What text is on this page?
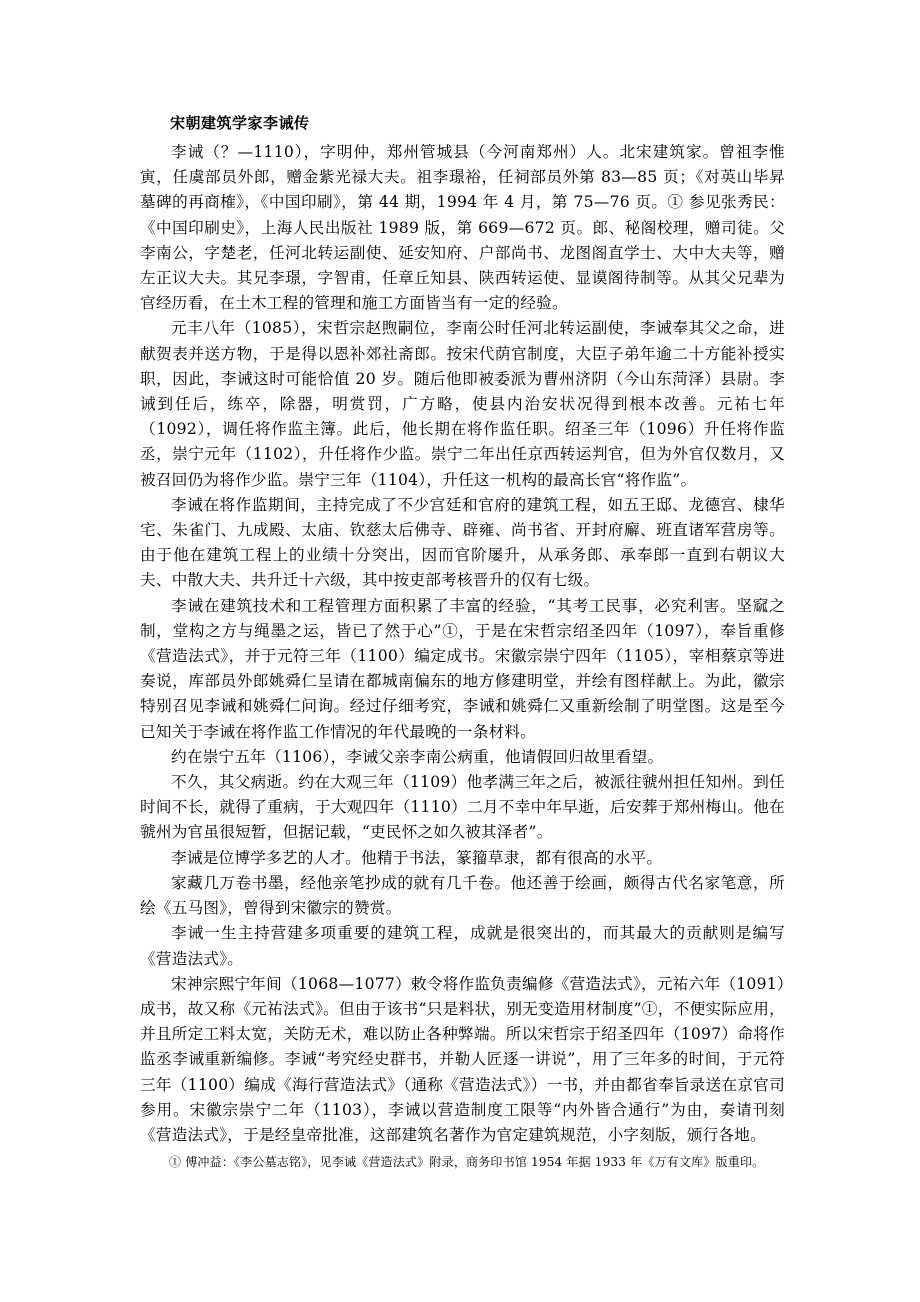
宋朝建筑学家李诫传

李诫（？—1110），字明仲，郑州管城县（今河南郑州）人。北宋建筑家。曾祖李惟寅，任虞部员外郎，赠金紫光禄大夫。祖李璟裕，任祠部员外第 83—85 页；《对英山毕昇墓碑的再商榷》，《中国印刷》，第 44 期，1994 年 4 月，第 75—76 页。① 参见张秀民：《中国印刷史》，上海人民出版社 1989 版，第 669—672 页。郎、秘阁校理，赠司徒。父李南公，字楚老，任河北转运副使、延安知府、户部尚书、龙图阁直学士、大中大夫等，赠左正议大夫。其兄李璟，字智甫，任章丘知县、陕西转运使、显谟阁待制等。从其父兄辈为官经历看，在土木工程的管理和施工方面皆当有一定的经验。

元丰八年（1085），宋哲宗赵煦嗣位，李南公时任河北转运副使，李诫奉其父之命，进献贺表并送方物，于是得以恩补郊社斋郎。按宋代荫官制度，大臣子弟年逾二十方能补授实职，因此，李诫这时可能恰值 20 岁。随后他即被委派为曹州济阴（今山东菏泽）县尉。李诫到任后，练卒，除器，明赏罚，广方略，使县内治安状况得到根本改善。元祐七年（1092），调任将作监主簿。此后，他长期在将作监任职。绍圣三年（1096）升任将作监丞，崇宁元年（1102），升任将作少监。崇宁二年出任京西转运判官，但为外官仅数月，又被召回仍为将作少监。崇宁三年（1104），升任这一机构的最高长官“将作监”。

李诫在将作监期间，主持完成了不少宫廷和官府的建筑工程，如五王邸、龙德宫、棣华宅、朱雀门、九成殿、太庙、钦慈太后佛寺、辟雍、尚书省、开封府廨、班直诸军营房等。由于他在建筑工程上的业绩十分突出，因而官阶屡升，从承务郎、承奉郎一直到右朝议大夫、中散大夫、共升迁十六级，其中按吏部考核晋升的仅有七级。

李诫在建筑技术和工程管理方面积累了丰富的经验，“其考工民事，必究利害。坚窳之制，堂构之方与绳墨之运，皆已了然于心”①，于是在宋哲宗绍圣四年（1097），奉旨重修《营造法式》，并于元符三年（1100）编定成书。宋徽宗崇宁四年（1105），宰相蔡京等进奏说，库部员外郎姚舜仁呈请在都城南偏东的地方修建明堂，并绘有图样献上。为此，徽宗特别召见李诫和姚舜仁问询。经过仔细考究，李诫和姚舜仁又重新绘制了明堂图。这是至今已知关于李诫在将作监工作情况的年代最晚的一条材料。

约在崇宁五年（1106），李诫父亲李南公病重，他请假回归故里看望。

不久，其父病逝。约在大观三年（1109）他孝满三年之后，被派往虢州担任知州。到任时间不长，就得了重病，于大观四年（1110）二月不幸中年早逝，后安葬于郑州梅山。他在虢州为官虽很短暂，但据记载，“吏民怀之如久被其泽者”。

李诫是位博学多艺的人才。他精于书法，篆籀草隶，都有很高的水平。

家藏几万卷书墨，经他亲笔抄成的就有几千卷。他还善于绘画，颇得古代名家笔意，所绘《五马图》，曾得到宋徽宗的赞赏。

李诫一生主持营建多项重要的建筑工程，成就是很突出的，而其最大的贡献则是编写《营造法式》。

宋神宗熙宁年间（1068—1077）敕令将作监负责编修《营造法式》，元祐六年（1091）成书，故又称《元祐法式》。但由于该书“只是料状，别无变造用材制度”①，不便实际应用，并且所定工料太宽，关防无术，难以防止各种弊端。所以宋哲宗于绍圣四年（1097）命将作监丞李诫重新编修。李诫“考究经史群书，并勒人匠逐一讲说”，用了三年多的时间，于元符三年（1100）编成《海行营造法式》（通称《营造法式》）一书，并由都省奉旨录送在京官司参用。宋徽宗崇宁二年（1103），李诫以营造制度工限等“内外皆合通行”为由，奏请刊刻《营造法式》，于是经皇帝批准，这部建筑名著作为官定建筑规范，小字刻版，颁行各地。

① 傅冲益：《李公墓志铭》，见李诫《营造法式》附录，商务印书馆 1954 年据 1933 年《万有文库》版重印。
